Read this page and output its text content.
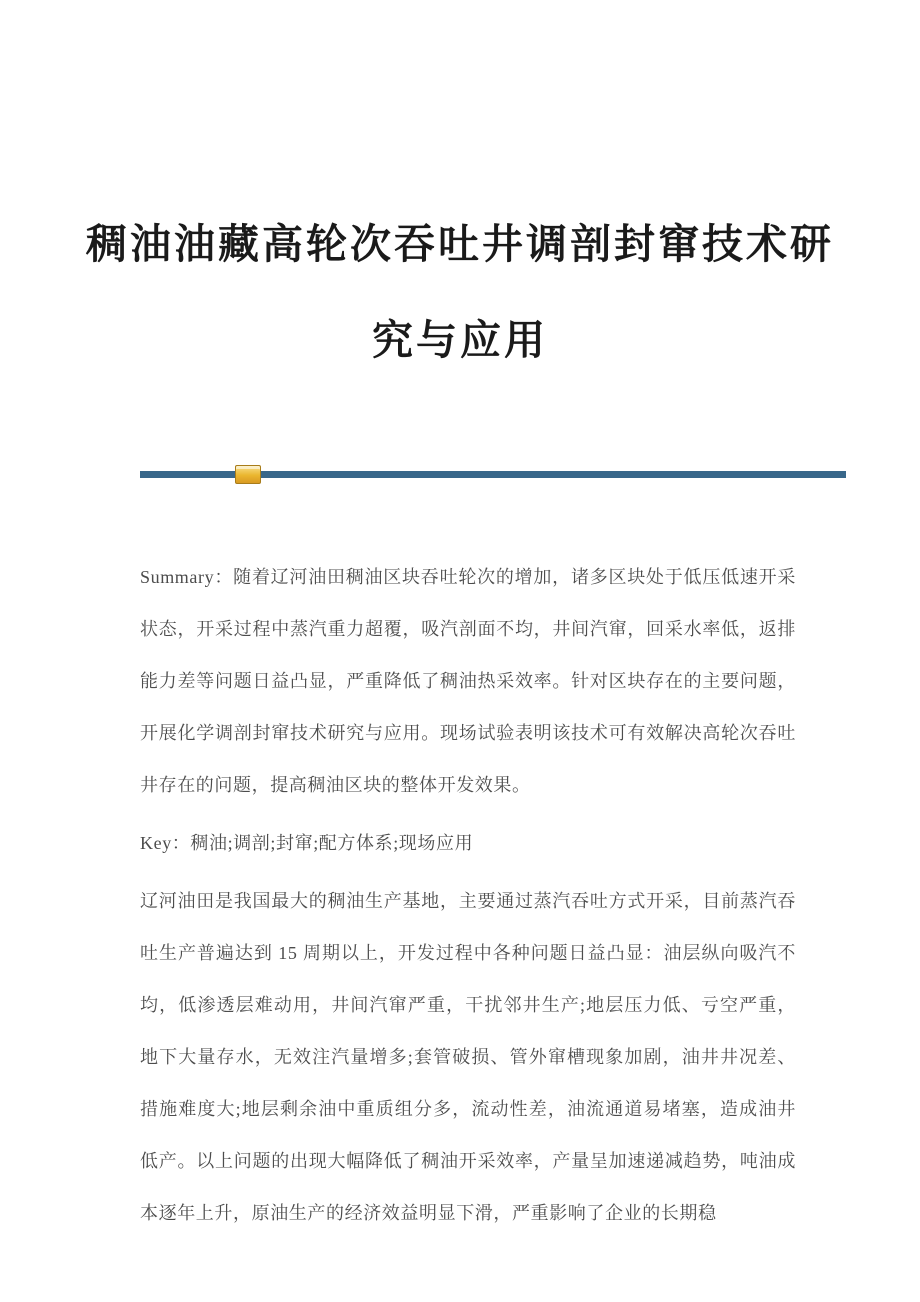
稠油油藏高轮次吞吐井调剖封窜技术研
究与应用

Summary：随着辽河油田稠油区块吞吐轮次的增加，诸多区块处于低压低速开采状态，开采过程中蒸汽重力超覆，吸汽剖面不均，井间汽窜，回采水率低，返排能力差等问题日益凸显，严重降低了稠油热采效率。针对区块存在的主要问题，开展化学调剖封窜技术研究与应用。现场试验表明该技术可有效解决高轮次吞吐井存在的问题，提高稠油区块的整体开发效果。

Key：稠油;调剖;封窜;配方体系;现场应用

辽河油田是我国最大的稠油生产基地，主要通过蒸汽吞吐方式开采，目前蒸汽吞吐生产普遍达到 15 周期以上，开发过程中各种问题日益凸显：油层纵向吸汽不均，低渗透层难动用，井间汽窜严重，干扰邻井生产;地层压力低、亏空严重，地下大量存水，无效注汽量增多;套管破损、管外窜槽现象加剧，油井井况差、措施难度大;地层剩余油中重质组分多，流动性差，油流通道易堵塞，造成油井低产。以上问题的出现大幅降低了稠油开采效率，产量呈加速递减趋势，吨油成本逐年上升，原油生产的经济效益明显下滑，严重影响了企业的长期稳
